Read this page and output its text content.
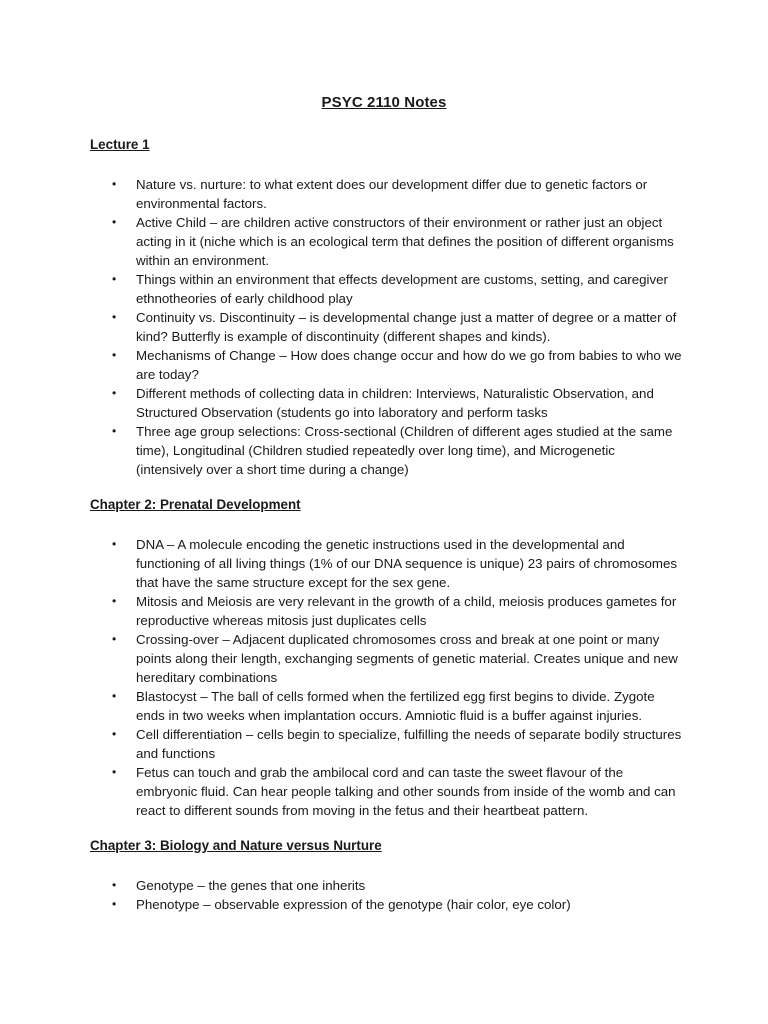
PSYC 2110 Notes
Lecture 1
•	Nature vs. nurture: to what extent does our development differ due to genetic factors or environmental factors.
•	Active Child – are children active constructors of their environment or rather just an object acting in it (niche which is an ecological term that defines the position of different organisms within an environment.
•	Things within an environment that effects development are customs, setting, and caregiver ethnotheories of early childhood play
•	Continuity vs. Discontinuity – is developmental change just a matter of degree or a matter of kind? Butterfly is example of discontinuity (different shapes and kinds).
•	Mechanisms of Change – How does change occur and how do we go from babies to who we are today?
•	Different methods of collecting data in children: Interviews, Naturalistic Observation, and Structured Observation (students go into laboratory and perform tasks
•	Three age group selections: Cross-sectional (Children of different ages studied at the same time), Longitudinal (Children studied repeatedly over long time), and Microgenetic (intensively over a short time during a change)
Chapter 2: Prenatal Development
•	DNA – A molecule encoding the genetic instructions used in the developmental and functioning of all living things (1% of our DNA sequence is unique) 23 pairs of chromosomes that have the same structure except for the sex gene.
•	Mitosis and Meiosis are very relevant in the growth of a child, meiosis produces gametes for reproductive whereas mitosis just duplicates cells
•	Crossing-over – Adjacent duplicated chromosomes cross and break at one point or many points along their length, exchanging segments of genetic material. Creates unique and new hereditary combinations
•	Blastocyst – The ball of cells formed when the fertilized egg first begins to divide. Zygote ends in two weeks when implantation occurs. Amniotic fluid is a buffer against injuries.
•	Cell differentiation – cells begin to specialize, fulfilling the needs of separate bodily structures and functions
•	Fetus can touch and grab the ambilocal cord and can taste the sweet flavour of the embryonic fluid. Can hear people talking and other sounds from inside of the womb and can react to different sounds from moving in the fetus and their heartbeat pattern.
Chapter 3: Biology and Nature versus Nurture
•	Genotype – the genes that one inherits
•	Phenotype – observable expression of the genotype (hair color, eye color)
